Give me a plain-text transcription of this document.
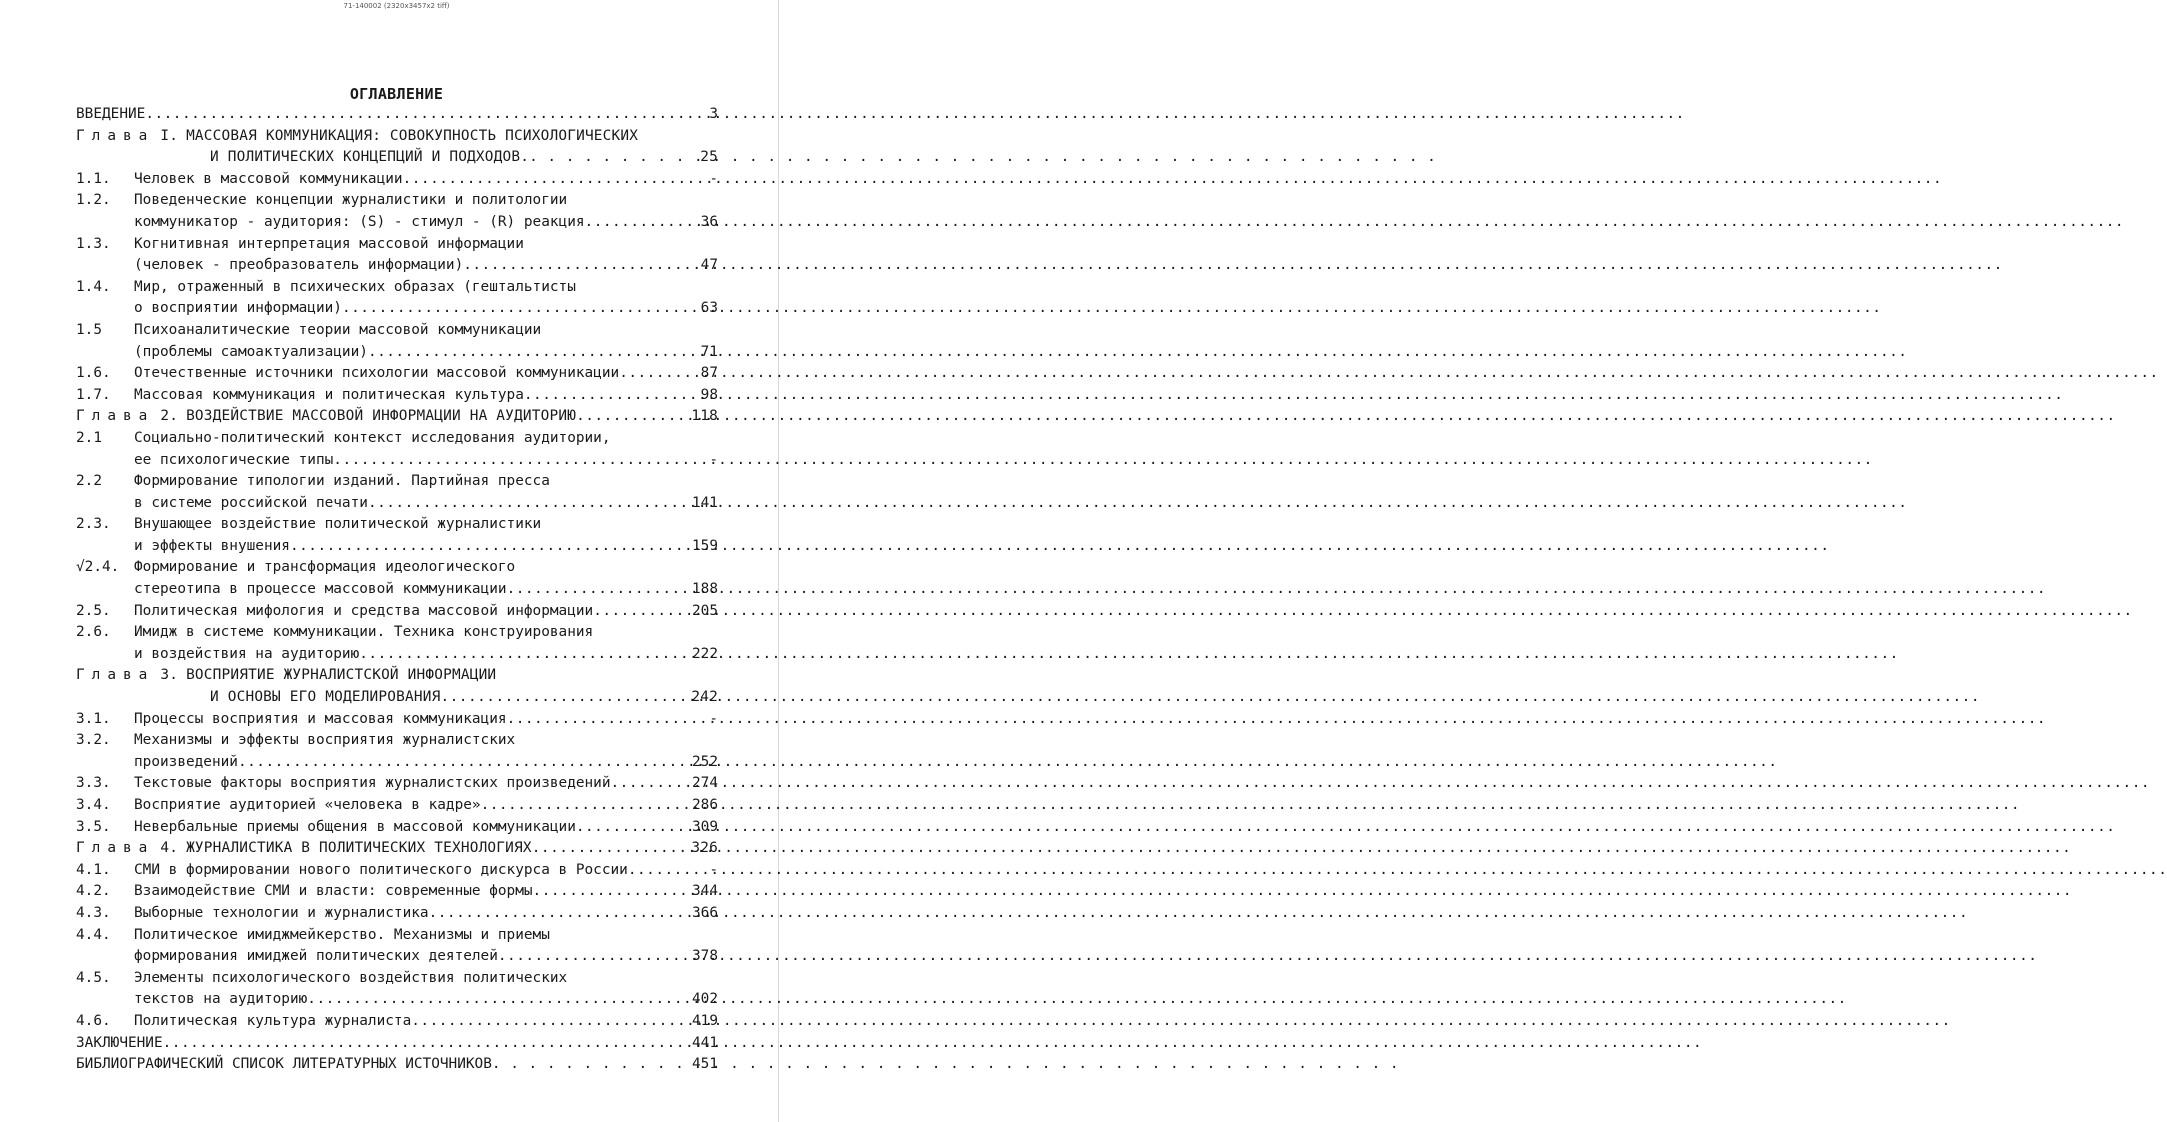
71-140002 (2320x3457x2 tiff)
ОГЛАВЛЕНИЕ
ВВЕДЕНИЕ .....	3
Глава I. МАССОВАЯ КОММУНИКАЦИЯ: СОВОКУПНОСТЬ ПСИХОЛОГИЧЕСКИХ
И ПОЛИТИЧЕСКИХ КОНЦЕПЦИЙ И ПОДХОДОВ. . . .	25
1.1.	Человек в массовой коммуникации .....	-
1.2.	Поведенческие концепции журналистики и политологии
коммуникатор - аудитория: (S) - стимул - (R) реакция .....	36
1.3.	Когнитивная интерпретация массовой информации
(человек - преобразователь информации) .....	47
1.4.	Мир, отраженный в психических образах (гештальтисты
о восприятии информации) .....	63
1.5	Психоаналитические теории массовой коммуникации
(проблемы самоактуализации) .....	71
1.6.	Отечественные источники психологии массовой коммуникации .....	87
1.7.	Массовая коммуникация и политическая культура .....	98
Глава 2. ВОЗДЕЙСТВИЕ МАССОВОЙ ИНФОРМАЦИИ НА АУДИТОРИЮ .....	118
2.1	Социально-политический контекст исследования аудитории,
ее психологические типы .....	-
2.2	Формирование типологии изданий. Партийная пресса
в системе российской печати .....	141
2.3.	Внушающее воздействие политической журналистики
и эффекты внушения .....	159
√2.4.	Формирование и трансформация идеологического
стереотипа в процессе массовой коммуникации .....	188
2.5.	Политическая мифология и средства массовой информации .....	205
2.6.	Имидж в системе коммуникации. Техника конструирования
и воздействия на аудиторию .....	222
Глава 3. ВОСПРИЯТИЕ ЖУРНАЛИСТСКОЙ ИНФОРМАЦИИ
И ОСНОВЫ ЕГО МОДЕЛИРОВАНИЯ .....	242
3.1.	Процессы восприятия и массовая коммуникация .....	-
3.2.	Механизмы и эффекты восприятия журналистских
произведений .....	252
3.3.	Текстовые факторы восприятия журналистских произведений .....	274
3.4.	Восприятие аудиторией «человека в кадре» .....	286
3.5.	Невербальные приемы общения в массовой коммуникации .....	309
Глава 4. ЖУРНАЛИСТИКА В ПОЛИТИЧЕСКИХ ТЕХНОЛОГИЯХ .....	326
4.1.	СМИ в формировании нового политического дискурса в России .....	-
4.2.	Взаимодействие СМИ и власти: современные формы .....	344
4.3.	Выборные технологии и журналистика .....	366
4.4.	Политическое имиджмейкерство. Механизмы и приемы
формирования имиджей политических деятелей .....	378
4.5.	Элементы психологического воздействия политических
текстов на аудиторию .....	402
4.6.	Политическая культура журналиста .....	419
ЗАКЛЮЧЕНИЕ .....	441
БИБЛИОГРАФИЧЕСКИЙ СПИСОК ЛИТЕРАТУРНЫХ ИСТОЧНИКОВ . . .	451
